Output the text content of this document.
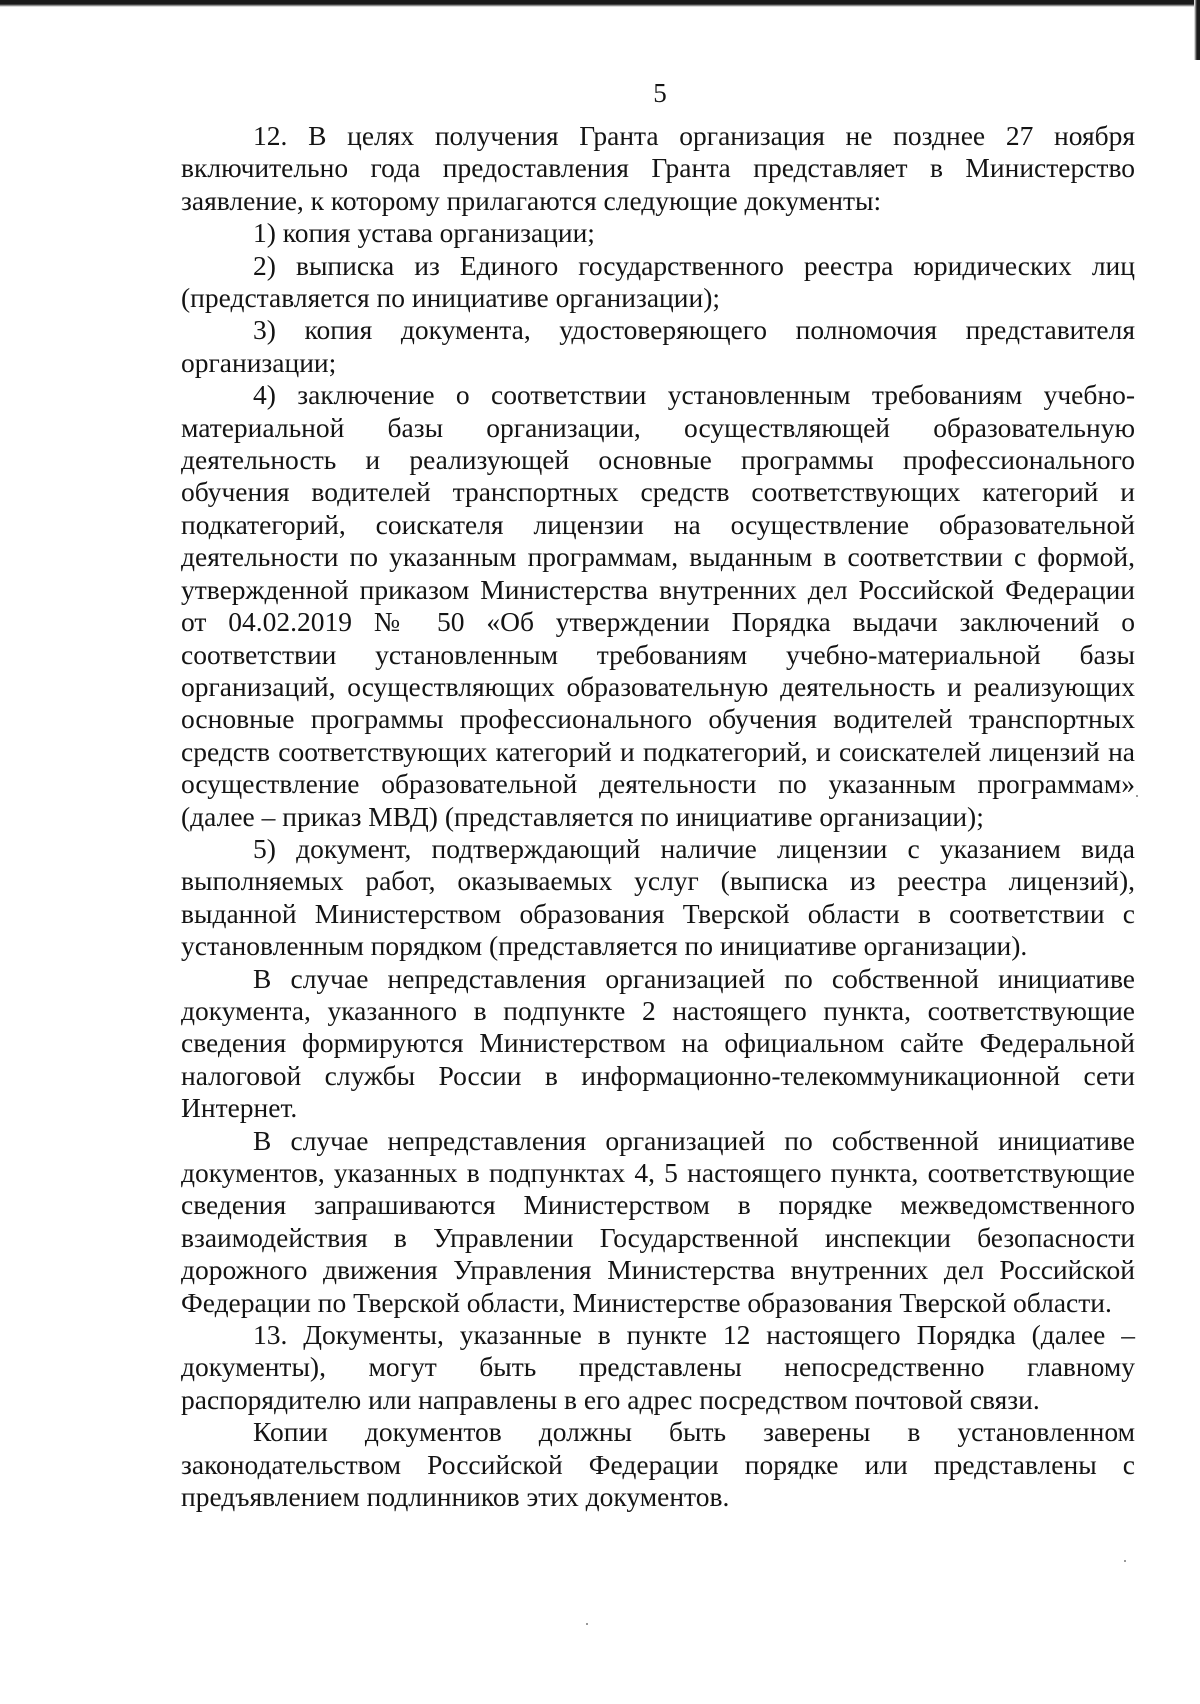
5

12. В целях получения Гранта организация не позднее 27 ноября включительно года предоставления Гранта представляет в Министерство заявление, к которому прилагаются следующие документы:

1) копия устава организации;

2) выписка из Единого государственного реестра юридических лиц (представляется по инициативе организации);

3) копия документа, удостоверяющего полномочия представителя организации;

4) заключение о соответствии установленным требованиям учебно-материальной базы организации, осуществляющей образовательную деятельность и реализующей основные программы профессионального обучения водителей транспортных средств соответствующих категорий и подкатегорий, соискателя лицензии на осуществление образовательной деятельности по указанным программам, выданным в соответствии с формой, утвержденной приказом Министерства внутренних дел Российской Федерации от 04.02.2019 № 50 «Об утверждении Порядка выдачи заключений о соответствии установленным требованиям учебно-материальной базы организаций, осуществляющих образовательную деятельность и реализующих основные программы профессионального обучения водителей транспортных средств соответствующих категорий и подкатегорий, и соискателей лицензий на осуществление образовательной деятельности по указанным программам» (далее – приказ МВД) (представляется по инициативе организации);

5) документ, подтверждающий наличие лицензии с указанием вида выполняемых работ, оказываемых услуг (выписка из реестра лицензий), выданной Министерством образования Тверской области в соответствии с установленным порядком (представляется по инициативе организации).

В случае непредставления организацией по собственной инициативе документа, указанного в подпункте 2 настоящего пункта, соответствующие сведения формируются Министерством на официальном сайте Федеральной налоговой службы России в информационно-телекоммуникационной сети Интернет.

В случае непредставления организацией по собственной инициативе документов, указанных в подпунктах 4, 5 настоящего пункта, соответствующие сведения запрашиваются Министерством в порядке межведомственного взаимодействия в Управлении Государственной инспекции безопасности дорожного движения Управления Министерства внутренних дел Российской Федерации по Тверской области, Министерстве образования Тверской области.

13. Документы, указанные в пункте 12 настоящего Порядка (далее – документы), могут быть представлены непосредственно главному распорядителю или направлены в его адрес посредством почтовой связи.

Копии документов должны быть заверены в установленном законодательством Российской Федерации порядке или представлены с предъявлением подлинников этих документов.
